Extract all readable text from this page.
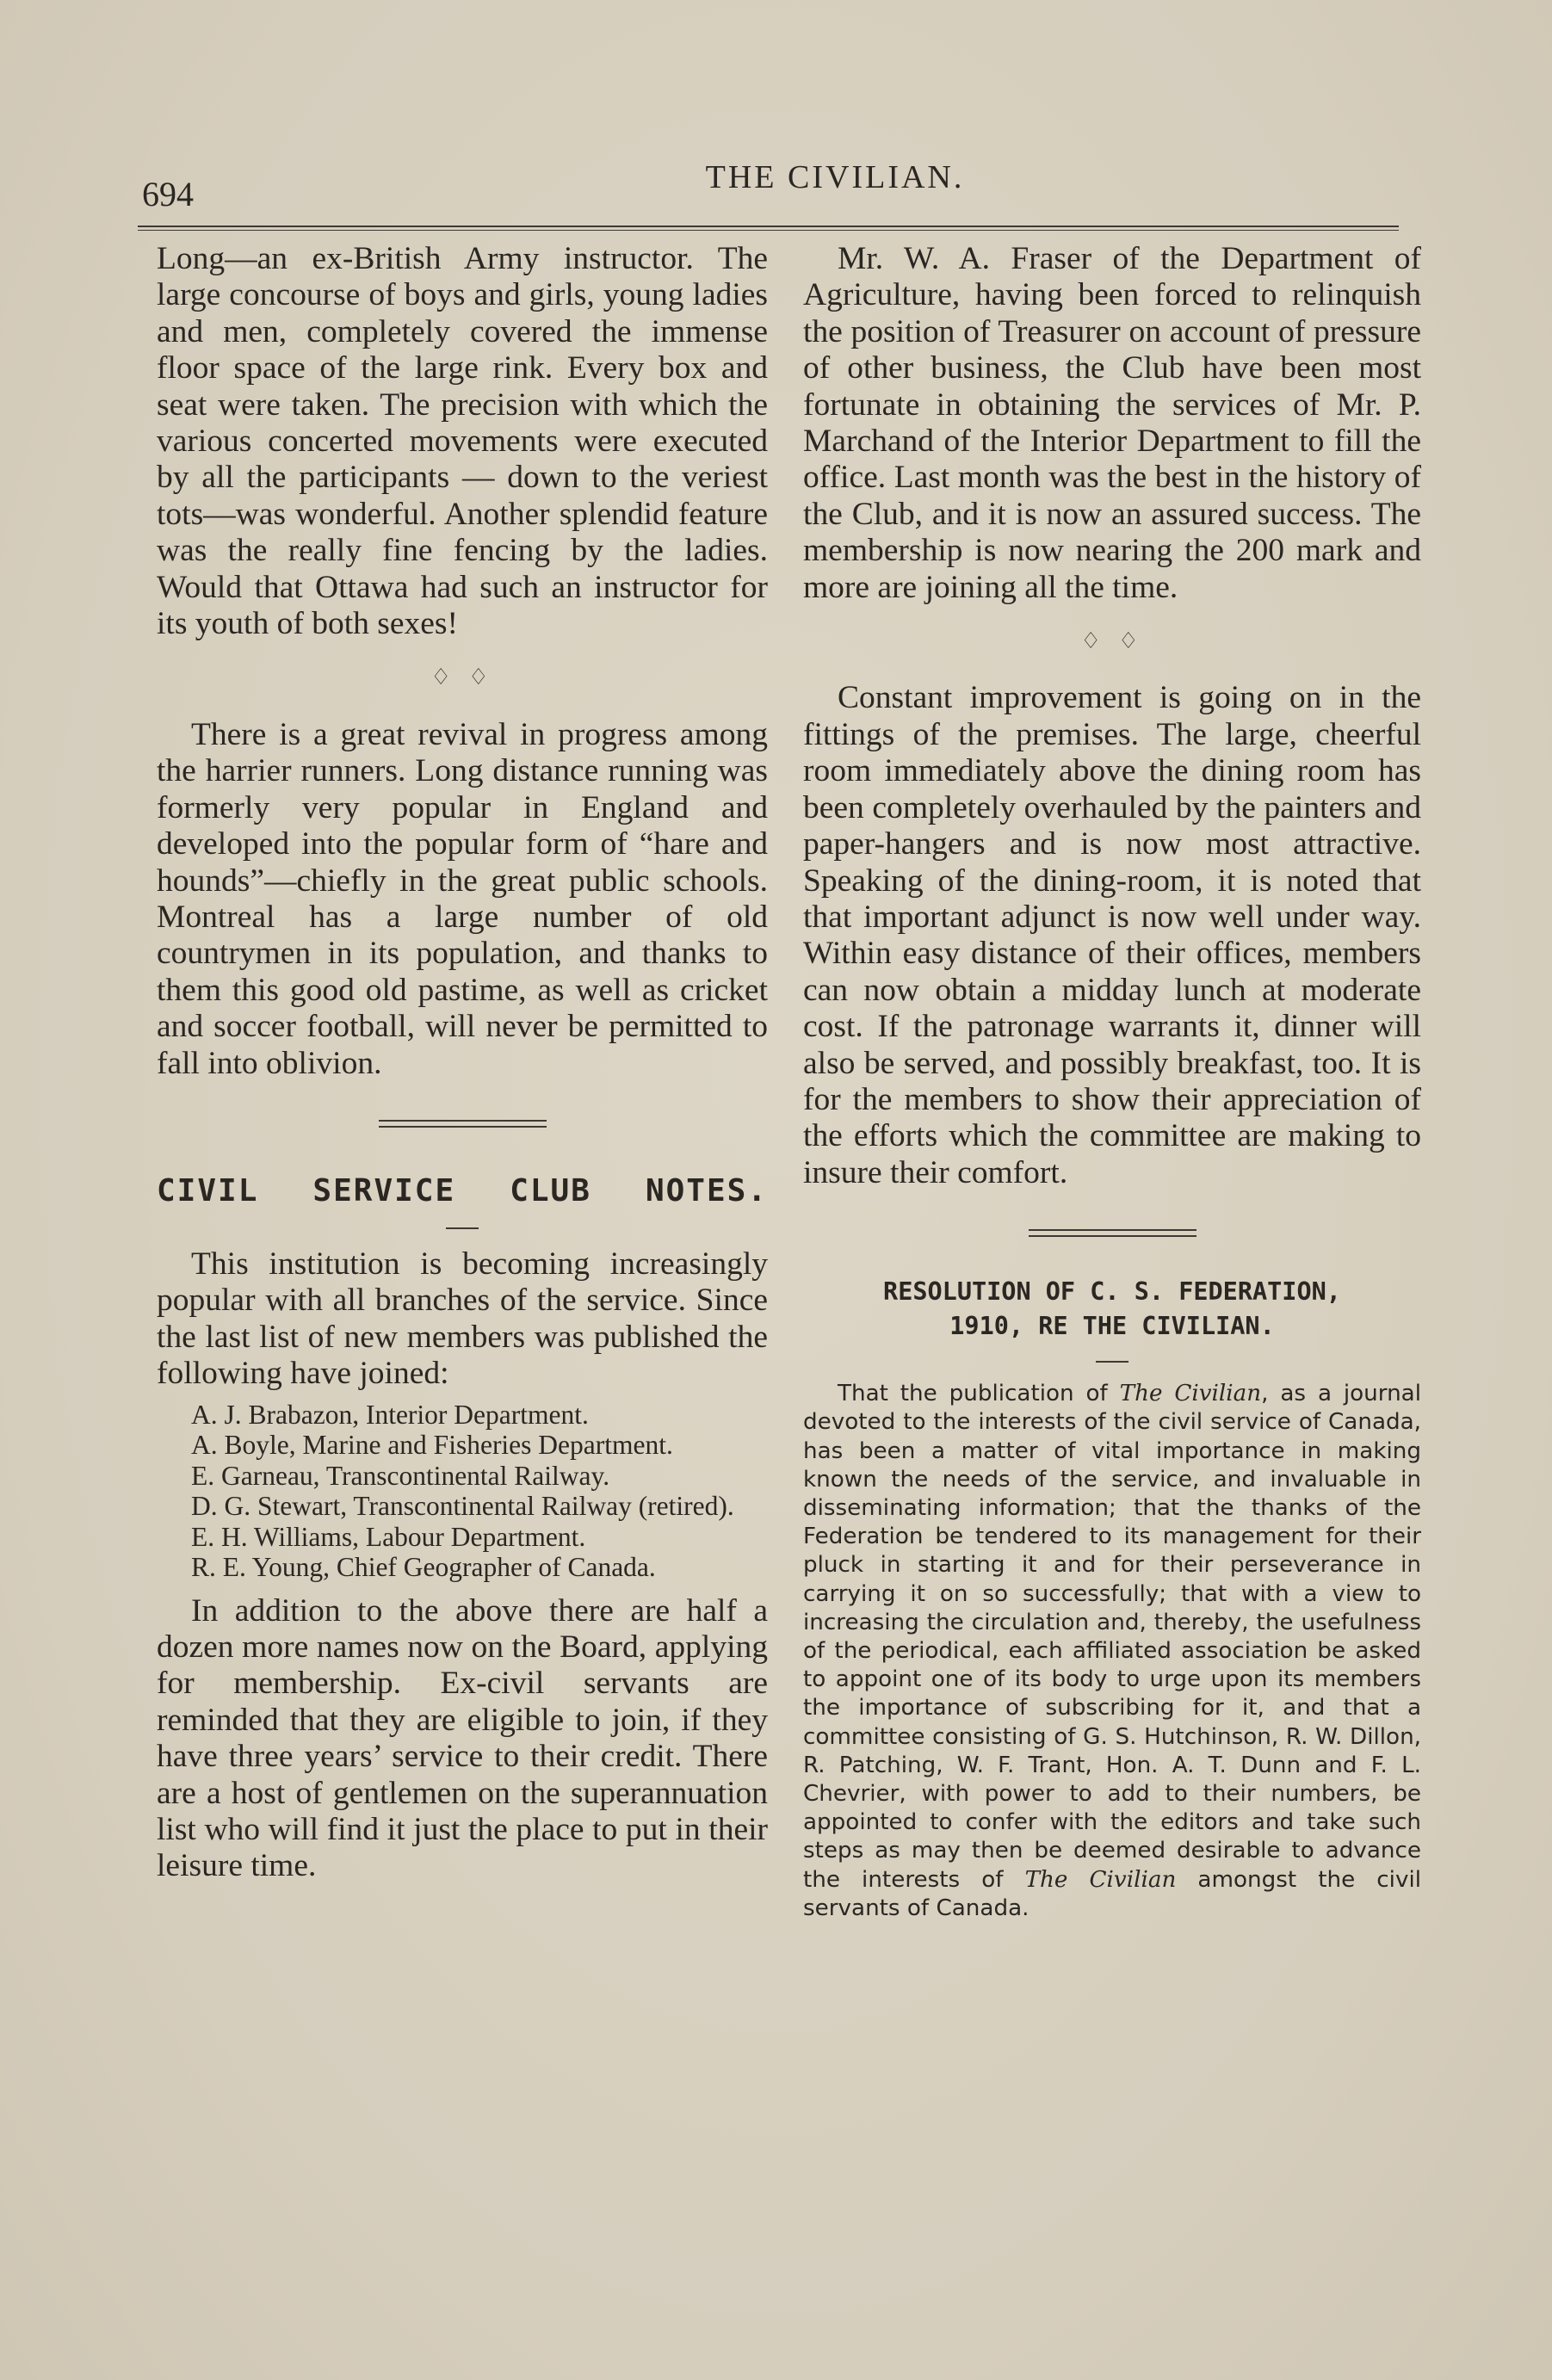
694	THE CIVILIAN.

Long—an ex-British Army instructor. The large concourse of boys and girls, young ladies and men, completely covered the immense floor space of the large rink. Every box and seat were taken. The precision with which the various concerted movements were executed by all the participants — down to the veriest tots—was wonderful. Another splendid feature was the really fine fencing by the ladies. Would that Ottawa had such an instructor for its youth of both sexes!

♢ ♢

There is a great revival in progress among the harrier runners. Long distance running was formerly very popular in England and developed into the popular form of “hare and hounds”—chiefly in the great public schools. Montreal has a large number of old countrymen in its population, and thanks to them this good old pastime, as well as cricket and soccer football, will never be permitted to fall into oblivion.

CIVIL SERVICE CLUB NOTES.

This institution is becoming increasingly popular with all branches of the service. Since the last list of new members was published the following have joined:

A. J. Brabazon, Interior Department.
A. Boyle, Marine and Fisheries Department.
E. Garneau, Transcontinental Railway.
D. G. Stewart, Transcontinental Railway (retired).
E. H. Williams, Labour Department.
R. E. Young, Chief Geographer of Canada.

In addition to the above there are half a dozen more names now on the Board, applying for membership. Ex-civil servants are reminded that they are eligible to join, if they have three years’ service to their credit. There are a host of gentlemen on the superannuation list who will find it just the place to put in their leisure time.

Mr. W. A. Fraser of the Department of Agriculture, having been forced to relinquish the position of Treasurer on account of pressure of other business, the Club have been most fortunate in obtaining the services of Mr. P. Marchand of the Interior Department to fill the office. Last month was the best in the history of the Club, and it is now an assured success. The membership is now nearing the 200 mark and more are joining all the time.

♢ ♢

Constant improvement is going on in the fittings of the premises. The large, cheerful room immediately above the dining room has been completely overhauled by the painters and paper-hangers and is now most attractive. Speaking of the dining-room, it is noted that that important adjunct is now well under way. Within easy distance of their offices, members can now obtain a midday lunch at moderate cost. If the patronage warrants it, dinner will also be served, and possibly breakfast, too. It is for the members to show their appreciation of the efforts which the committee are making to insure their comfort.

RESOLUTION OF C. S. FEDERATION,
1910, RE THE CIVILIAN.

That the publication of The Civilian, as a journal devoted to the interests of the civil service of Canada, has been a matter of vital importance in making known the needs of the service, and invaluable in disseminating information; that the thanks of the Federation be tendered to its management for their pluck in starting it and for their perseverance in carrying it on so successfully; that with a view to increasing the circulation and, thereby, the usefulness of the periodical, each affiliated association be asked to appoint one of its body to urge upon its members the importance of subscribing for it, and that a committee consisting of G. S. Hutchinson, R. W. Dillon, R. Patching, W. F. Trant, Hon. A. T. Dunn and F. L. Chevrier, with power to add to their numbers, be appointed to confer with the editors and take such steps as may then be deemed desirable to advance the interests of The Civilian amongst the civil servants of Canada.
